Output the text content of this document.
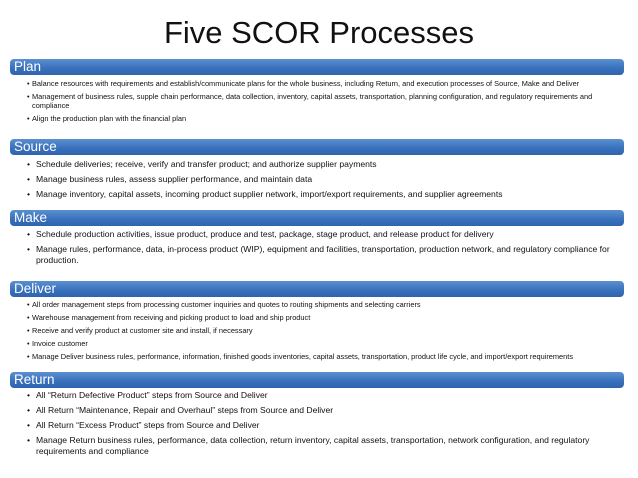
Five SCOR Processes
Plan
• Balance resources with requirements and establish/communicate plans for the whole business, including Return, and execution processes of Source, Make and Deliver
• Management of business rules, supple chain performance, data collection, inventory, capital assets, transportation, planning configuration, and regulatory requirements and compliance
• Align the production plan with the financial plan
Source
• Schedule deliveries; receive, verify and transfer product; and authorize supplier payments
• Manage business rules, assess supplier performance, and maintain data
• Manage inventory, capital assets, incoming product supplier network, import/export requirements, and supplier agreements
Make
• Schedule production activities, issue product, produce and test, package, stage product, and release product for delivery
• Manage rules, performance, data, in-process product (WIP), equipment and facilities, transportation, production network, and regulatory compliance for production.
Deliver
• All order management steps from processing customer inquiries and quotes to routing shipments and selecting carriers
• Warehouse management from receiving and picking product to load and ship product
• Receive and verify product at customer site and install, if necessary
• Invoice customer
• Manage Deliver business rules, performance, information, finished goods inventories, capital assets, transportation, product life cycle, and import/export requirements
Return
• All “Return Defective Product” steps from Source and Deliver
• All Return “Maintenance, Repair and Overhaul” steps from Source and Deliver
• All Return “Excess Product” steps from Source and Deliver
• Manage Return business rules, performance, data collection, return inventory, capital assets, transportation, network configuration, and regulatory requirements and compliance
